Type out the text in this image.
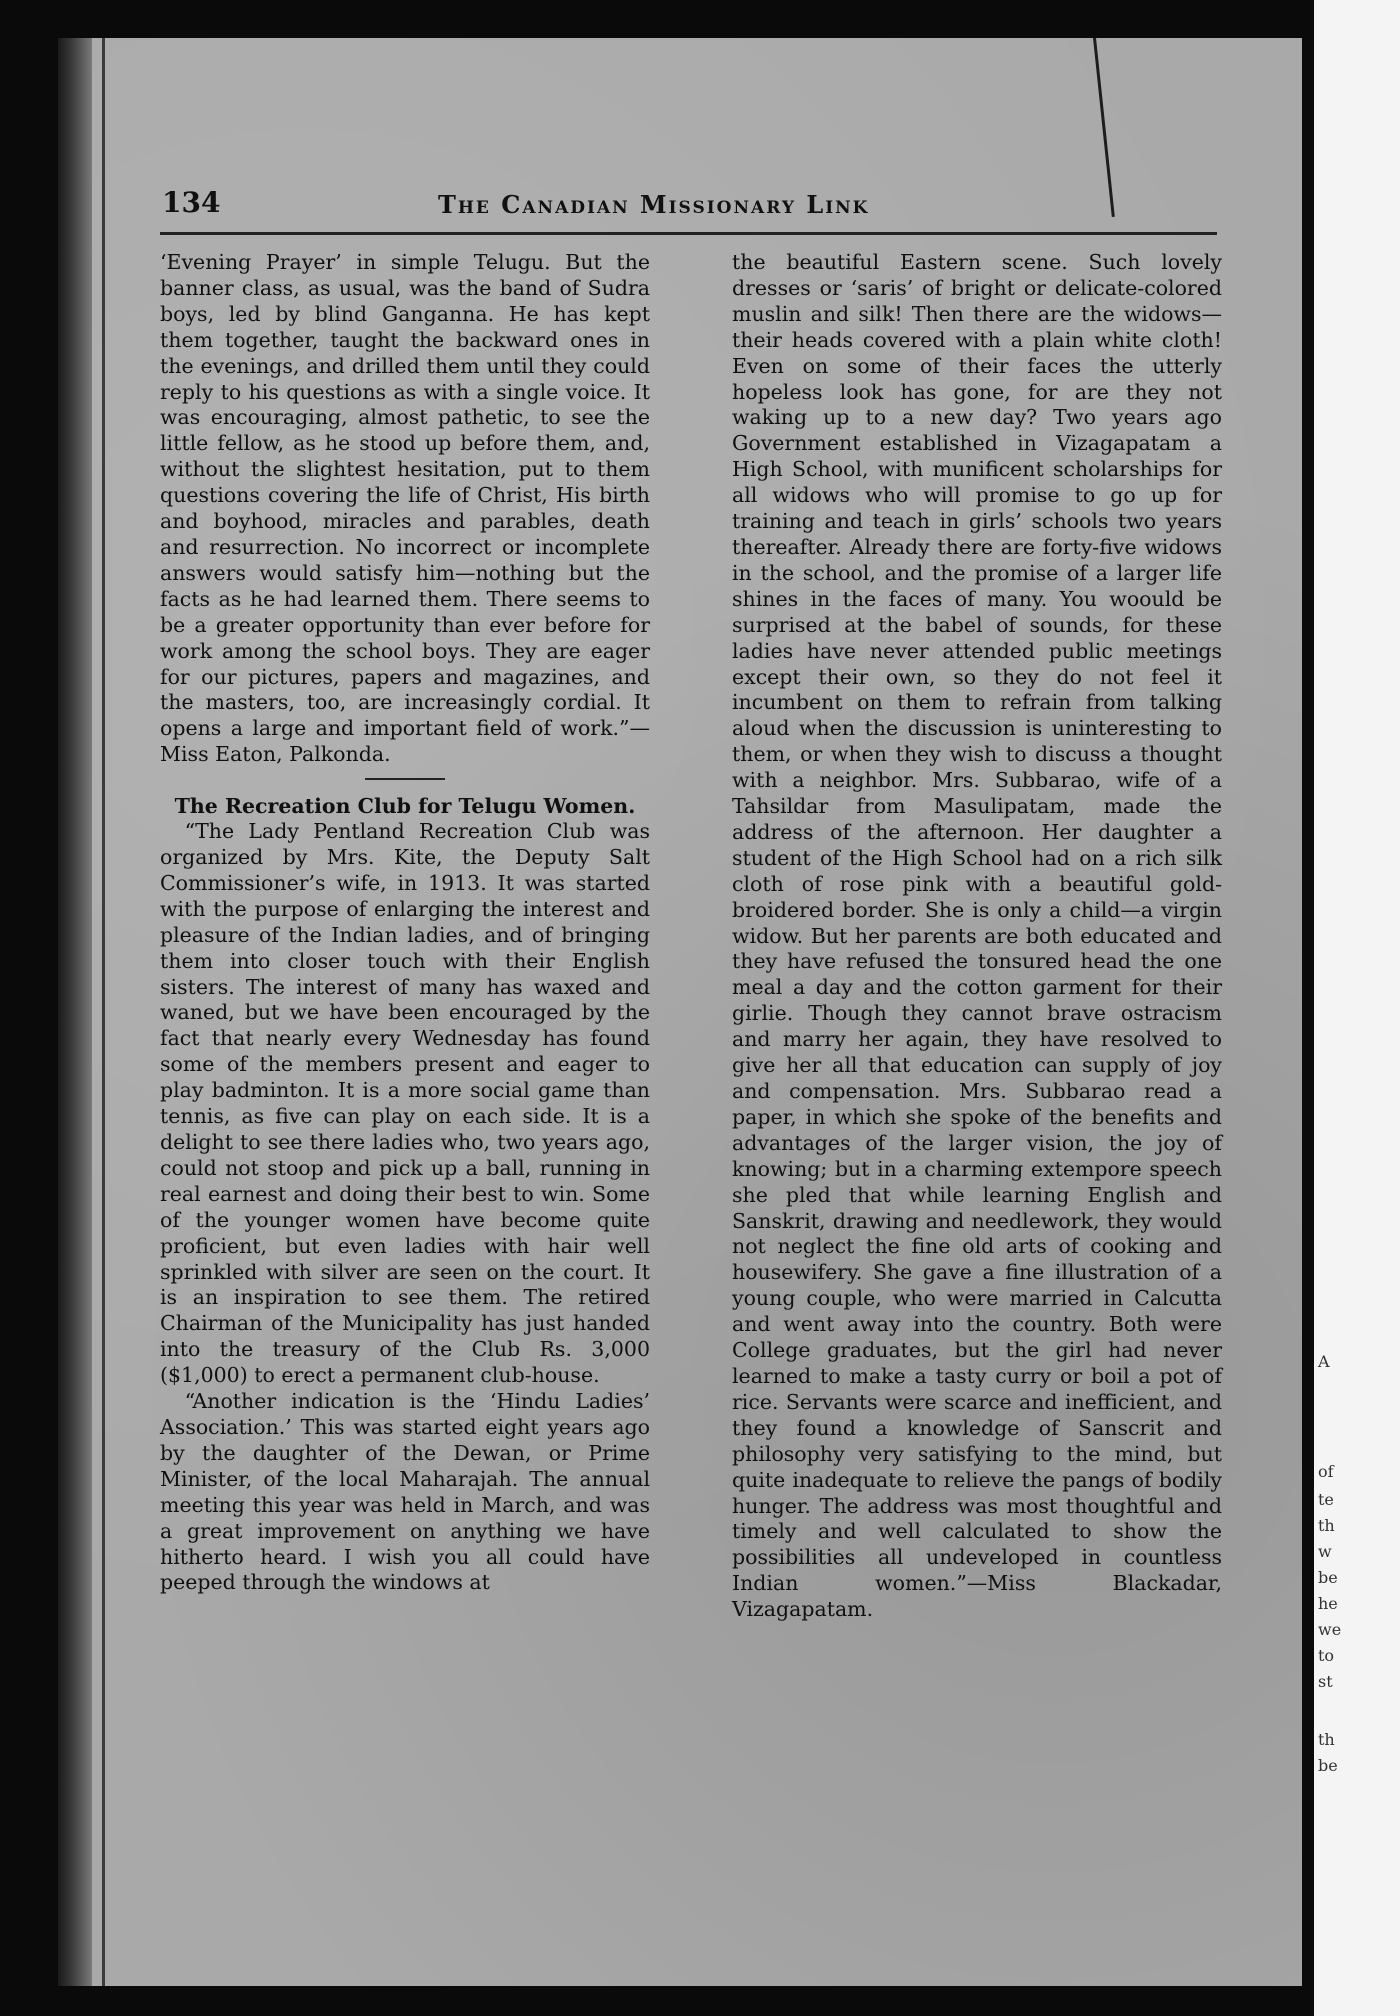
134	The Canadian Missionary Link

‘Evening Prayer’ in simple Telugu. But the banner class, as usual, was the band of Sudra boys, led by blind Ganganna. He has kept them together, taught the backward ones in the evenings, and drilled them until they could reply to his questions as with a single voice. It was encouraging, almost pathetic, to see the little fellow, as he stood up before them, and, without the slightest hesitation, put to them questions covering the life of Christ, His birth and boyhood, miracles and parables, death and resurrection. No incorrect or incomplete answers would satisfy him—nothing but the facts as he had learned them. There seems to be a greater opportunity than ever before for work among the school boys. They are eager for our pictures, papers and magazines, and the masters, too, are increasingly cordial. It opens a large and important field of work.”—Miss Eaton, Palkonda.

The Recreation Club for Telugu Women.

“The Lady Pentland Recreation Club was organized by Mrs. Kite, the Deputy Salt Commissioner’s wife, in 1913. It was started with the purpose of enlarging the interest and pleasure of the Indian ladies, and of bringing them into closer touch with their English sisters. The interest of many has waxed and waned, but we have been encouraged by the fact that nearly every Wednesday has found some of the members present and eager to play badminton. It is a more social game than tennis, as five can play on each side. It is a delight to see there ladies who, two years ago, could not stoop and pick up a ball, running in real earnest and doing their best to win. Some of the younger women have become quite proficient, but even ladies with hair well sprinkled with silver are seen on the court. It is an inspiration to see them. The retired Chairman of the Municipality has just handed into the treasury of the Club Rs. 3,000 ($1,000) to erect a permanent club-house.

“Another indication is the ‘Hindu Ladies’ Association.’ This was started eight years ago by the daughter of the Dewan, or Prime Minister, of the local Maharajah. The annual meeting this year was held in March, and was a great improvement on anything we have hitherto heard. I wish you all could have peeped through the windows at

the beautiful Eastern scene. Such lovely dresses or ‘saris’ of bright or delicate-colored muslin and silk! Then there are the widows—their heads covered with a plain white cloth! Even on some of their faces the utterly hopeless look has gone, for are they not waking up to a new day? Two years ago Government established in Vizagapatam a High School, with munificent scholarships for all widows who will promise to go up for training and teach in girls’ schools two years thereafter. Already there are forty-five widows in the school, and the promise of a larger life shines in the faces of many. You woould be surprised at the babel of sounds, for these ladies have never attended public meetings except their own, so they do not feel it incumbent on them to refrain from talking aloud when the discussion is uninteresting to them, or when they wish to discuss a thought with a neighbor. Mrs. Subbarao, wife of a Tahsildar from Masulipatam, made the address of the afternoon. Her daughter a student of the High School had on a rich silk cloth of rose pink with a beautiful gold-broidered border. She is only a child—a virgin widow. But her parents are both educated and they have refused the tonsured head the one meal a day and the cotton garment for their girlie. Though they cannot brave ostracism and marry her again, they have resolved to give her all that education can supply of joy and compensation. Mrs. Subbarao read a paper, in which she spoke of the benefits and advantages of the larger vision, the joy of knowing; but in a charming extempore speech she pled that while learning English and Sanskrit, drawing and needlework, they would not neglect the fine old arts of cooking and housewifery. She gave a fine illustration of a young couple, who were married in Calcutta and went away into the country. Both were College graduates, but the girl had never learned to make a tasty curry or boil a pot of rice. Servants were scarce and inefficient, and they found a knowledge of Sanscrit and philosophy very satisfying to the mind, but quite inadequate to relieve the pangs of bodily hunger. The address was most thoughtful and timely and well calculated to show the possibilities all undeveloped in countless Indian women.”—Miss Blackadar, Vizagapatam.

A
of
te
th
w
be
he
we
to
st
th
be
